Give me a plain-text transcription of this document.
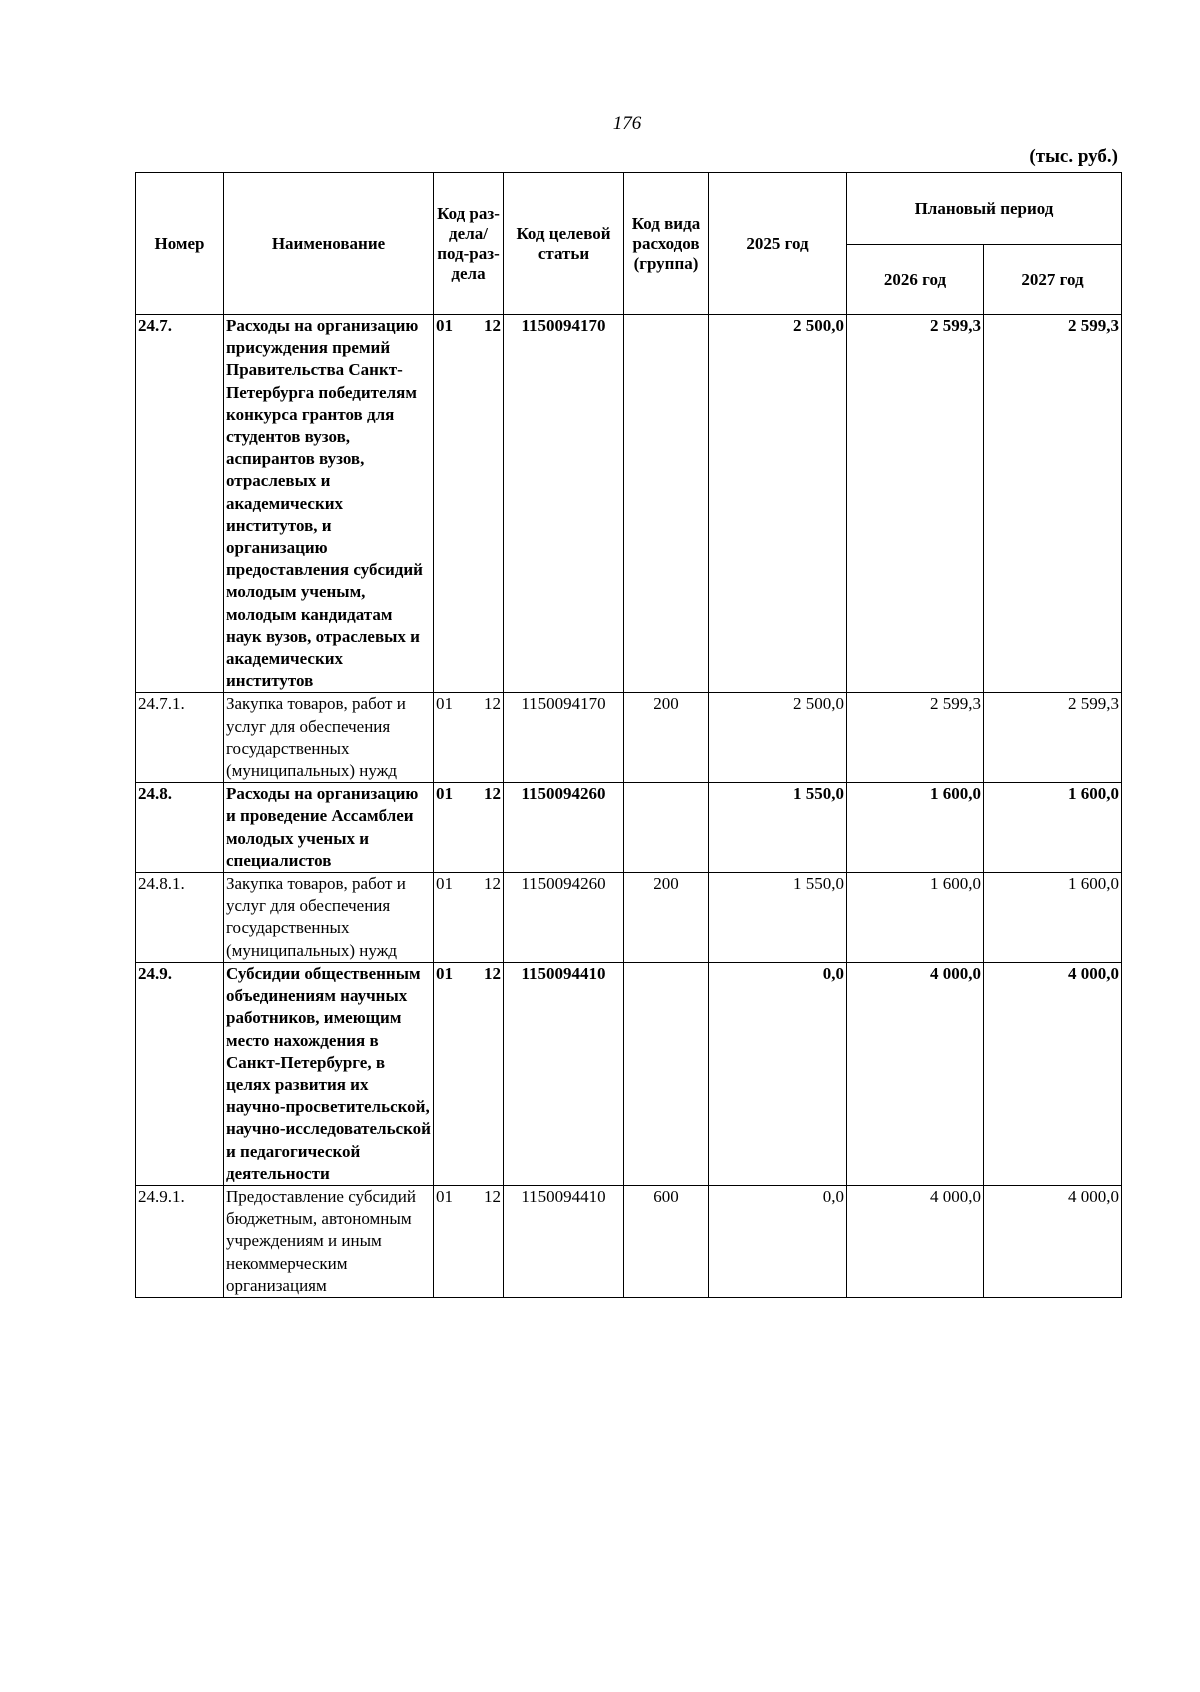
176
(тыс. руб.)
Номер	Наименование	Код раз-дела/ под-раз-дела	Код целевой статьи	Код вида расходов (группа)	2025 год	Плановый период	
						2026 год	2027 год
24.7.	Расходы на организацию присуждения премий Правительства Санкт-Петербурга победителям конкурса грантов для студентов вузов, аспирантов вузов, отраслевых и академических институтов, и организацию предоставления субсидий молодым ученым, молодым кандидатам наук вузов, отраслевых и академических институтов	01 12	1150094170		2 500,0	2 599,3	2 599,3
24.7.1.	Закупка товаров, работ и услуг для обеспечения государственных (муниципальных) нужд	01 12	1150094170	200	2 500,0	2 599,3	2 599,3
24.8.	Расходы на организацию и проведение Ассамблеи молодых ученых и специалистов	01 12	1150094260		1 550,0	1 600,0	1 600,0
24.8.1.	Закупка товаров, работ и услуг для обеспечения государственных (муниципальных) нужд	01 12	1150094260	200	1 550,0	1 600,0	1 600,0
24.9.	Субсидии общественным объединениям научных работников, имеющим место нахождения в Санкт-Петербурге, в целях развития их научно-просветительской, научно-исследовательской и педагогической деятельности	01 12	1150094410		0,0	4 000,0	4 000,0
24.9.1.	Предоставление субсидий бюджетным, автономным учреждениям и иным некоммерческим организациям	01 12	1150094410	600	0,0	4 000,0	4 000,0
